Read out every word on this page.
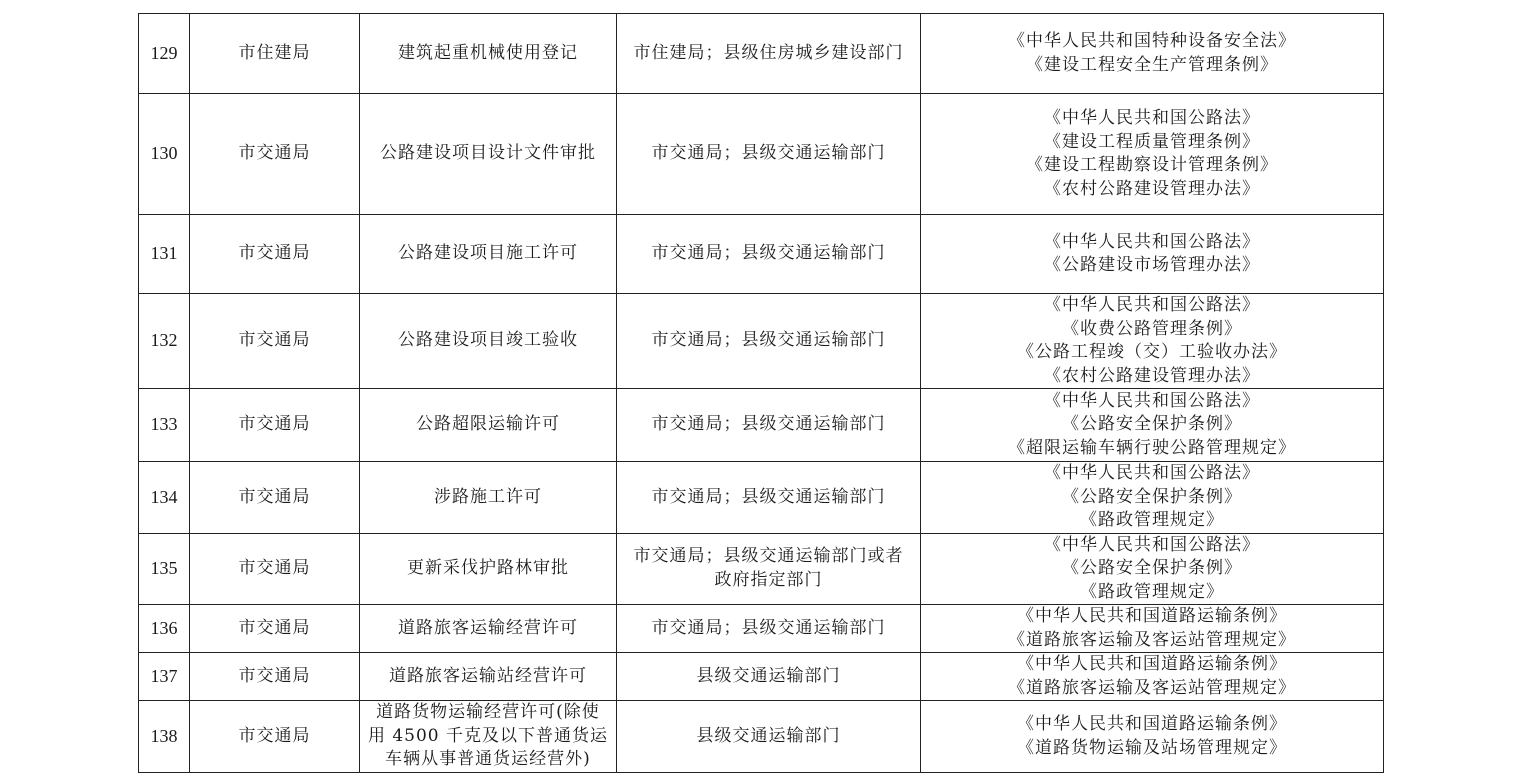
129	市住建局	建筑起重机械使用登记	市住建局；县级住房城乡建设部门	《中华人民共和国特种设备安全法》
《建设工程安全生产管理条例》

130	市交通局	公路建设项目设计文件审批	市交通局；县级交通运输部门	《中华人民共和国公路法》
《建设工程质量管理条例》
《建设工程勘察设计管理条例》
《农村公路建设管理办法》

131	市交通局	公路建设项目施工许可	市交通局；县级交通运输部门	《中华人民共和国公路法》
《公路建设市场管理办法》

132	市交通局	公路建设项目竣工验收	市交通局；县级交通运输部门	《中华人民共和国公路法》
《收费公路管理条例》
《公路工程竣（交）工验收办法》
《农村公路建设管理办法》

133	市交通局	公路超限运输许可	市交通局；县级交通运输部门	《中华人民共和国公路法》
《公路安全保护条例》
《超限运输车辆行驶公路管理规定》

134	市交通局	涉路施工许可	市交通局；县级交通运输部门	《中华人民共和国公路法》
《公路安全保护条例》
《路政管理规定》

135	市交通局	更新采伐护路林审批	市交通局；县级交通运输部门或者
政府指定部门	《中华人民共和国公路法》
《公路安全保护条例》
《路政管理规定》

136	市交通局	道路旅客运输经营许可	市交通局；县级交通运输部门	《中华人民共和国道路运输条例》
《道路旅客运输及客运站管理规定》

137	市交通局	道路旅客运输站经营许可	县级交通运输部门	《中华人民共和国道路运输条例》
《道路旅客运输及客运站管理规定》

138	市交通局	道路货物运输经营许可(除使
用 4500 千克及以下普通货运
车辆从事普通货运经营外)	县级交通运输部门	《中华人民共和国道路运输条例》
《道路货物运输及站场管理规定》
